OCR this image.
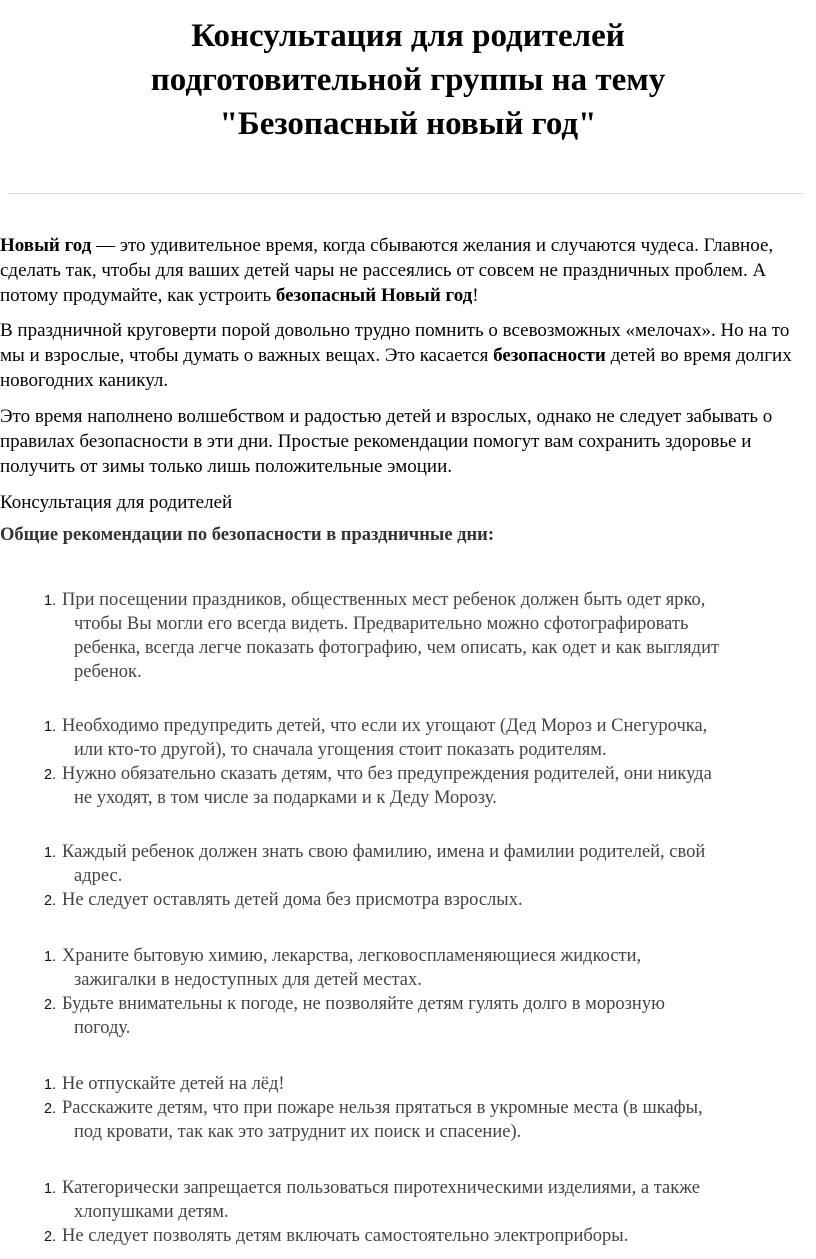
Консультация для родителей
подготовительной группы на тему
"Безопасный новый год"

Новый год — это удивительное время, когда сбываются желания и случаются чудеса. Главное, сделать так, чтобы для ваших детей чары не рассеялись от совсем не праздничных проблем. А потому продумайте, как устроить безопасный Новый год!

В праздничной круговерти порой довольно трудно помнить о всевозможных «мелочах». Но на то мы и взрослые, чтобы думать о важных вещах. Это касается безопасности детей во время долгих новогодних каникул.

Это время наполнено волшебством и радостью детей и взрослых, однако не следует забывать о правилах безопасности в эти дни. Простые рекомендации помогут вам сохранить здоровье и получить от зимы только лишь положительные эмоции.

Консультация для родителей

Общие рекомендации по безопасности в праздничные дни:

1. При посещении праздников, общественных мест ребенок должен быть одет ярко,
чтобы Вы могли его всегда видеть. Предварительно можно сфотографировать
ребенка, всегда легче показать фотографию, чем описать, как одет и как выглядит
ребенок.
1. Необходимо предупредить детей, что если их угощают (Дед Мороз и Снегурочка,
или кто-то другой), то сначала угощения стоит показать родителям.
2. Нужно обязательно сказать детям, что без предупреждения родителей, они никуда
не уходят, в том числе за подарками и к Деду Морозу.
1. Каждый ребенок должен знать свою фамилию, имена и фамилии родителей, свой
адрес.
2. Не следует оставлять детей дома без присмотра взрослых.
1. Храните бытовую химию, лекарства, легковоспламеняющиеся жидкости,
зажигалки в недоступных для детей местах.
2. Будьте внимательны к погоде, не позволяйте детям гулять долго в морозную
погоду.
1. Не отпускайте детей на лёд!
2. Расскажите детям, что при пожаре нельзя прятаться в укромные места (в шкафы,
под кровати, так как это затруднит их поиск и спасение).
1. Категорически запрещается пользоваться пиротехническими изделиями, а также
хлопушками детям.
2. Не следует позволять детям включать самостоятельно электроприборы.
